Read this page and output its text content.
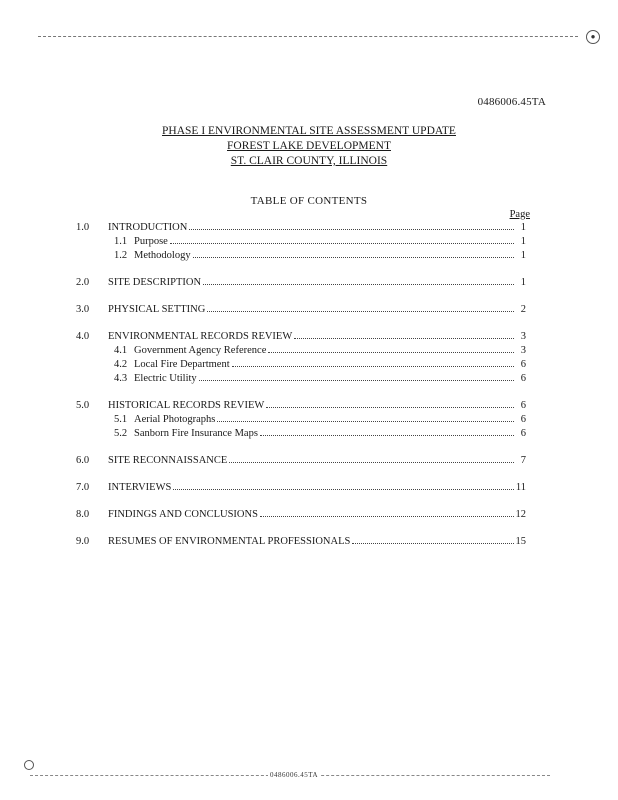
●
0486006.45TA
PHASE I ENVIRONMENTAL SITE ASSESSMENT UPDATE
FOREST LAKE DEVELOPMENT
ST. CLAIR COUNTY, ILLINOIS
TABLE OF CONTENTS
Page
1.0	INTRODUCTION	1
1.1 Purpose	1
1.2 Methodology	1
2.0	SITE DESCRIPTION	1
3.0	PHYSICAL SETTING	2
4.0	ENVIRONMENTAL RECORDS REVIEW	3
4.1 Government Agency Reference	3
4.2 Local Fire Department	6
4.3 Electric Utility	6
5.0	HISTORICAL RECORDS REVIEW	6
5.1 Aerial Photographs	6
5.2 Sanborn Fire Insurance Maps	6
6.0	SITE RECONNAISSANCE	7
7.0	INTERVIEWS	11
8.0	FINDINGS AND CONCLUSIONS	12
9.0	RESUMES OF ENVIRONMENTAL PROFESSIONALS	15
0486006.45TA
